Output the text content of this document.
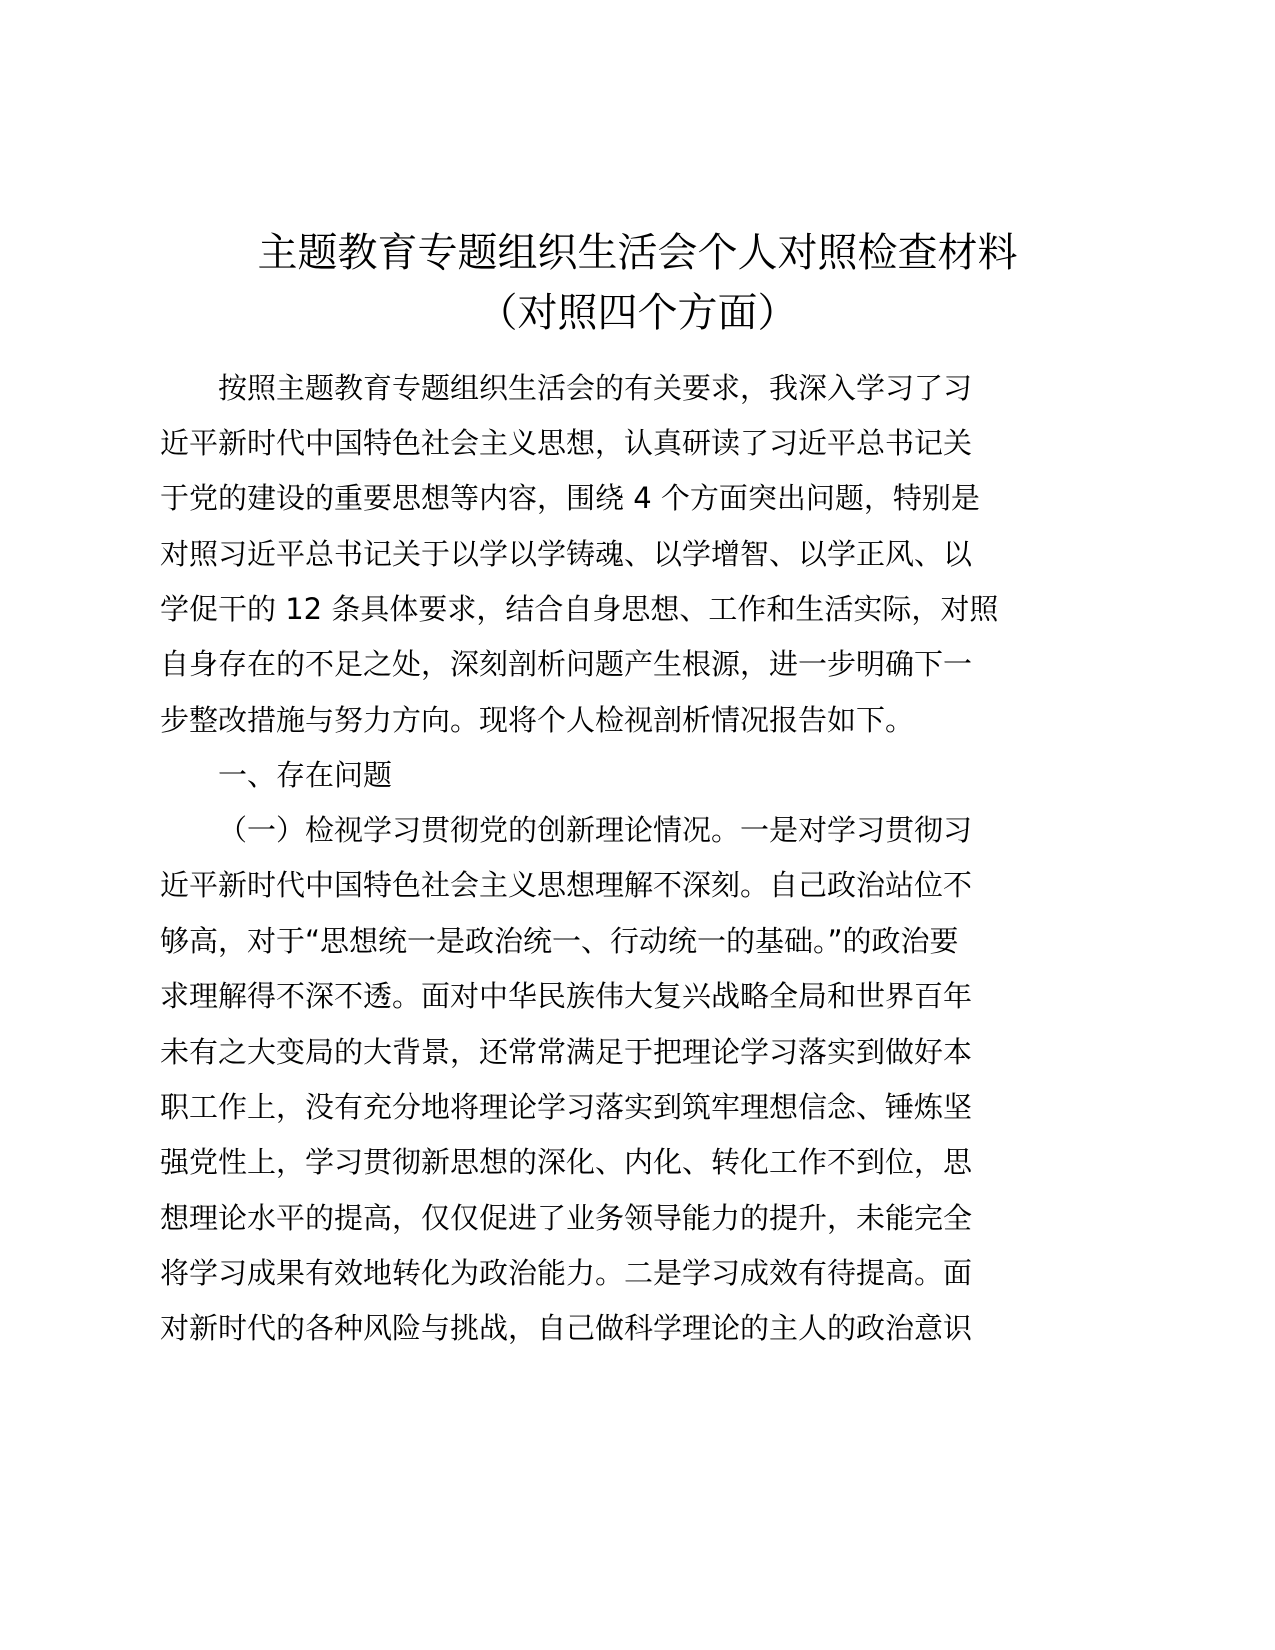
主题教育专题组织生活会个人对照检查材料
（对照四个方面）
按照主题教育专题组织生活会的有关要求，我深入学习了习
近平新时代中国特色社会主义思想，认真研读了习近平总书记关
于党的建设的重要思想等内容，围绕 4 个方面突出问题，特别是
对照习近平总书记关于以学以学铸魂、以学增智、以学正风、以
学促干的 12 条具体要求，结合自身思想、工作和生活实际，对照
自身存在的不足之处，深刻剖析问题产生根源，进一步明确下一
步整改措施与努力方向。现将个人检视剖析情况报告如下。
一、存在问题
（一）检视学习贯彻党的创新理论情况。一是对学习贯彻习
近平新时代中国特色社会主义思想理解不深刻。自己政治站位不
够高，对于“思想统一是政治统一、行动统一的基础。”的政治要
求理解得不深不透。面对中华民族伟大复兴战略全局和世界百年
未有之大变局的大背景，还常常满足于把理论学习落实到做好本
职工作上，没有充分地将理论学习落实到筑牢理想信念、锤炼坚
强党性上，学习贯彻新思想的深化、内化、转化工作不到位，思
想理论水平的提高，仅仅促进了业务领导能力的提升，未能完全
将学习成果有效地转化为政治能力。二是学习成效有待提高。面
对新时代的各种风险与挑战，自己做科学理论的主人的政治意识
